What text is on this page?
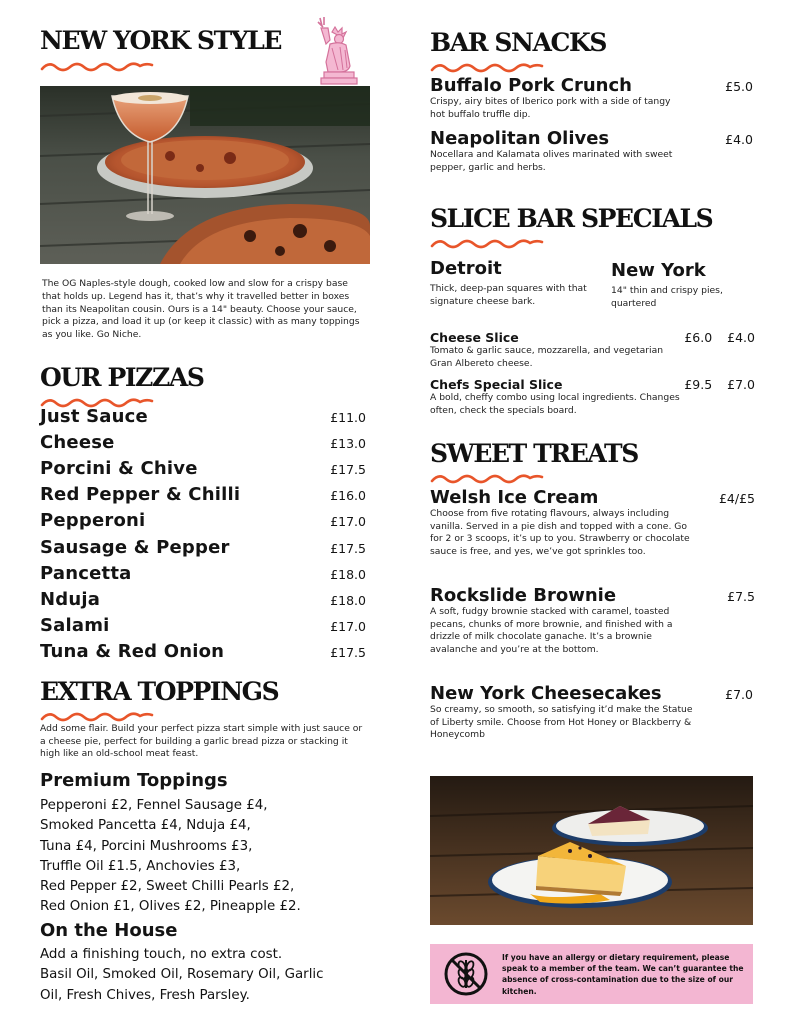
NEW YORK STYLE

The OG Naples-style dough, cooked low and slow for a crispy base that holds up. Legend has it, that’s why it travelled better in boxes than its Neapolitan cousin. Ours is a 14" beauty. Choose your sauce, pick a pizza, and load it up (or keep it classic) with as many toppings as you like. Go Niche.

OUR PIZZAS
Just Sauce	£11.0
Cheese	£13.0
Porcini & Chive	£17.5
Red Pepper & Chilli	£16.0
Pepperoni	£17.0
Sausage & Pepper	£17.5
Pancetta	£18.0
Nduja	£18.0
Salami	£17.0
Tuna & Red Onion	£17.5
EXTRA TOPPINGS

Add some flair. Build your perfect pizza start simple with just sauce or a cheese pie, perfect for building a garlic bread pizza or stacking it high like an old-school meat feast.

Premium Toppings
Pepperoni £2, Fennel Sausage £4,
Smoked Pancetta £4, Nduja £4,
Tuna £4, Porcini Mushrooms £3,
Truffle Oil £1.5, Anchovies £3,
Red Pepper £2, Sweet Chilli Pearls £2,
Red Onion £1, Olives £2, Pineapple £2.
On the House
Add a finishing touch, no extra cost.
Basil Oil, Smoked Oil, Rosemary Oil, Garlic
Oil, Fresh Chives, Fresh Parsley.
BAR SNACKS
Buffalo Pork Crunch	£5.0

Crispy, airy bites of Iberico pork with a side of tangy hot buffalo truffle dip.

Neapolitan Olives	£4.0

Nocellara and Kalamata olives marinated with sweet pepper, garlic and herbs.

SLICE BAR SPECIALS
Detroit

Thick, deep-pan squares with that signature cheese bark.

New York

14" thin and crispy pies, quartered

Cheese Slice	£6.0 £4.0

Tomato & garlic sauce, mozzarella, and vegetarian Gran Albereto cheese.

Chefs Special Slice	£9.5 £7.0

A bold, cheffy combo using local ingredients. Changes often, check the specials board.

SWEET TREATS
Welsh Ice Cream	£4/£5

Choose from five rotating flavours, always including vanilla. Served in a pie dish and topped with a cone. Go for 2 or 3 scoops, it’s up to you. Strawberry or chocolate sauce is free, and yes, we’ve got sprinkles too.

Rockslide Brownie	£7.5

A soft, fudgy brownie stacked with caramel, toasted pecans, chunks of more brownie, and finished with a drizzle of milk chocolate ganache. It’s a brownie avalanche and you’re at the bottom.

New York Cheesecakes	£7.0

So creamy, so smooth, so satisfying it’d make the Statue of Liberty smile. Choose from Hot Honey or Blackberry & Honeycomb

If you have an allergy or dietary requirement, please speak to a member of the team. We can’t guarantee the absence of cross-contamination due to the size of our kitchen.
